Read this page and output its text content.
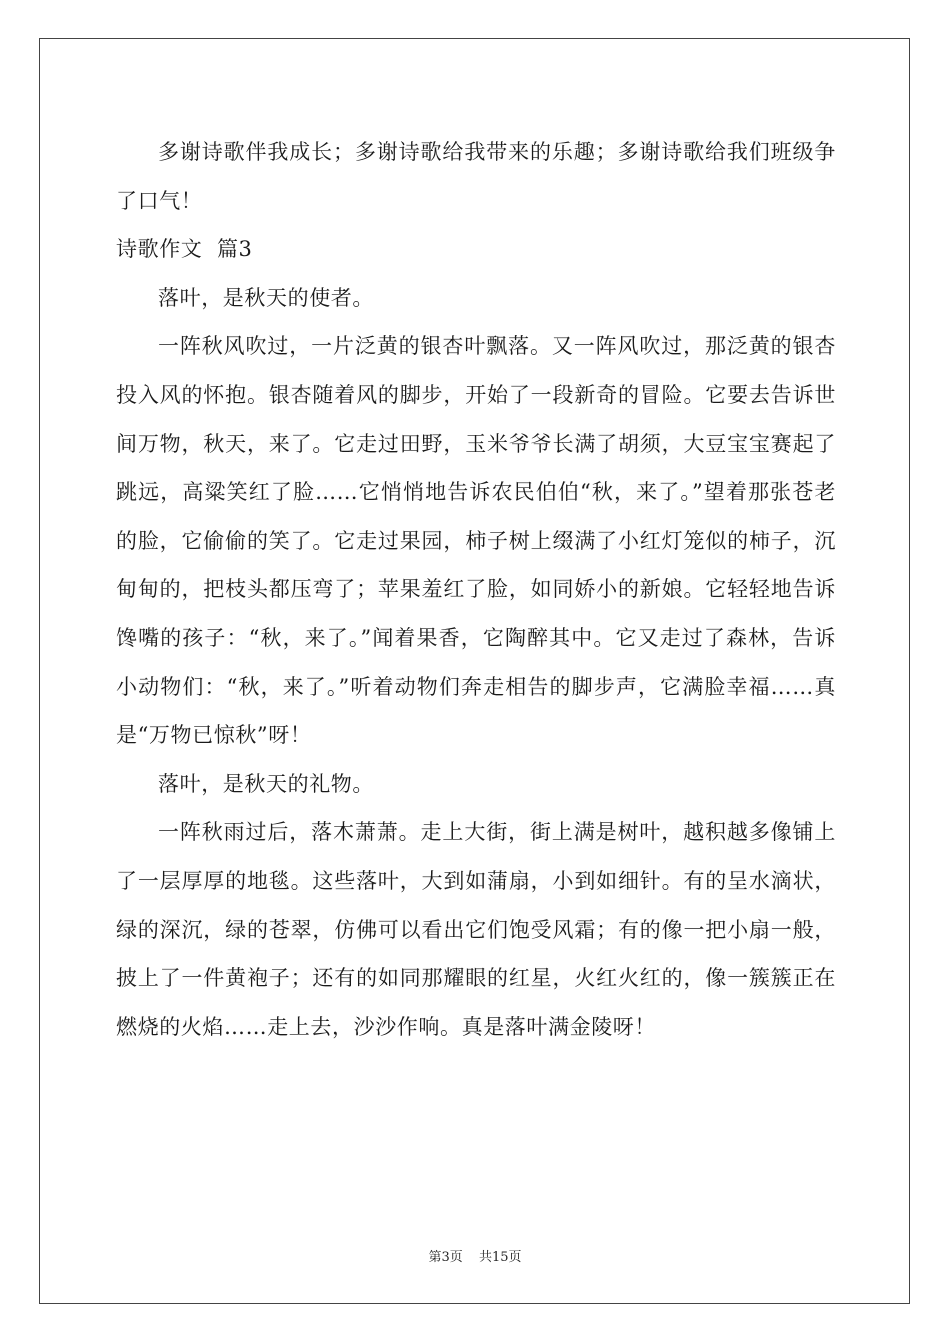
多谢诗歌伴我成长；多谢诗歌给我带来的乐趣；多谢诗歌给我们班级争了口气！

诗歌作文  篇3

落叶，是秋天的使者。

一阵秋风吹过，一片泛黄的银杏叶飘落。又一阵风吹过，那泛黄的银杏投入风的怀抱。银杏随着风的脚步，开始了一段新奇的冒险。它要去告诉世间万物，秋天，来了。它走过田野，玉米爷爷长满了胡须，大豆宝宝赛起了跳远，高粱笑红了脸……它悄悄地告诉农民伯伯“秋，来了。”望着那张苍老的脸，它偷偷的笑了。它走过果园，柿子树上缀满了小红灯笼似的柿子，沉甸甸的，把枝头都压弯了；苹果羞红了脸，如同娇小的新娘。它轻轻地告诉馋嘴的孩子：“秋，来了。”闻着果香，它陶醉其中。它又走过了森林，告诉小动物们：“秋，来了。”听着动物们奔走相告的脚步声，它满脸幸福……真是“万物已惊秋”呀！

落叶，是秋天的礼物。

一阵秋雨过后，落木萧萧。走上大街，街上满是树叶，越积越多像铺上了一层厚厚的地毯。这些落叶，大到如蒲扇，小到如细针。有的呈水滴状，绿的深沉，绿的苍翠，仿佛可以看出它们饱受风霜；有的像一把小扇一般，披上了一件黄袍子；还有的如同那耀眼的红星，火红火红的，像一簇簇正在燃烧的火焰……走上去，沙沙作响。真是落叶满金陵呀！

第3页 共15页
